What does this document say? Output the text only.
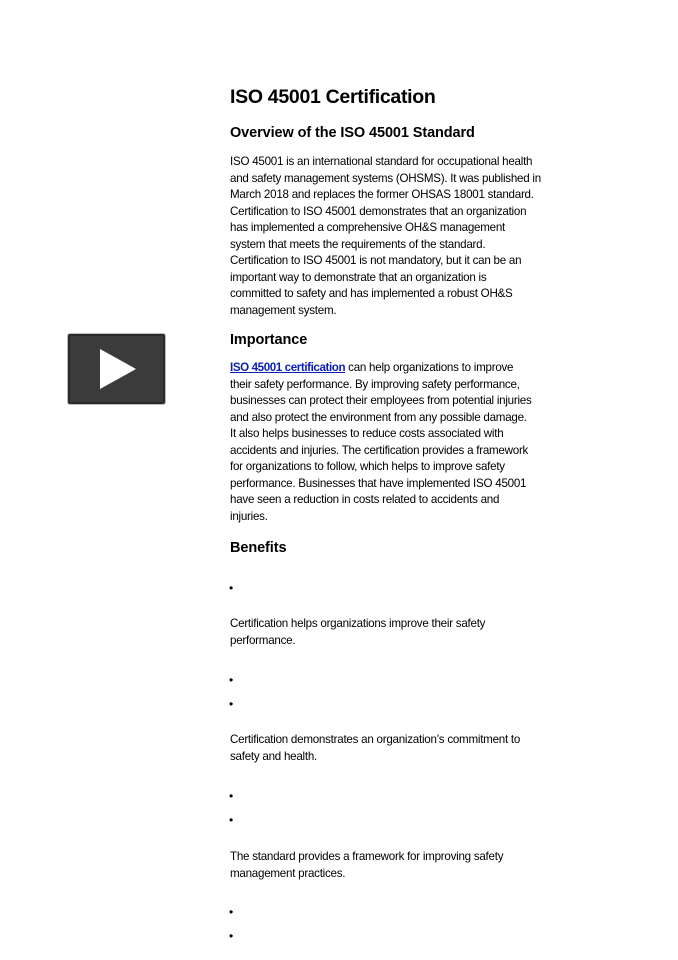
ISO 45001 Certification
Overview of the ISO 45001 Standard
ISO 45001 is an international standard for occupational health
and safety management systems (OHSMS). It was published in
March 2018 and replaces the former OHSAS 18001 standard.
Certification to ISO 45001 demonstrates that an organization
has implemented a comprehensive OH&S management
system that meets the requirements of the standard.
Certification to ISO 45001 is not mandatory, but it can be an
important way to demonstrate that an organization is
committed to safety and has implemented a robust OH&S
management system.
Importance
ISO 45001 certification can help organizations to improve
their safety performance. By improving safety performance,
businesses can protect their employees from potential injuries
and also protect the environment from any possible damage.
It also helps businesses to reduce costs associated with
accidents and injuries. The certification provides a framework
for organizations to follow, which helps to improve safety
performance. Businesses that have implemented ISO 45001
have seen a reduction in costs related to accidents and
injuries.
Benefits
•
Certification helps organizations improve their safety
performance.
•
•
Certification demonstrates an organization’s commitment to
safety and health.
•
•
The standard provides a framework for improving safety
management practices.
•
•
